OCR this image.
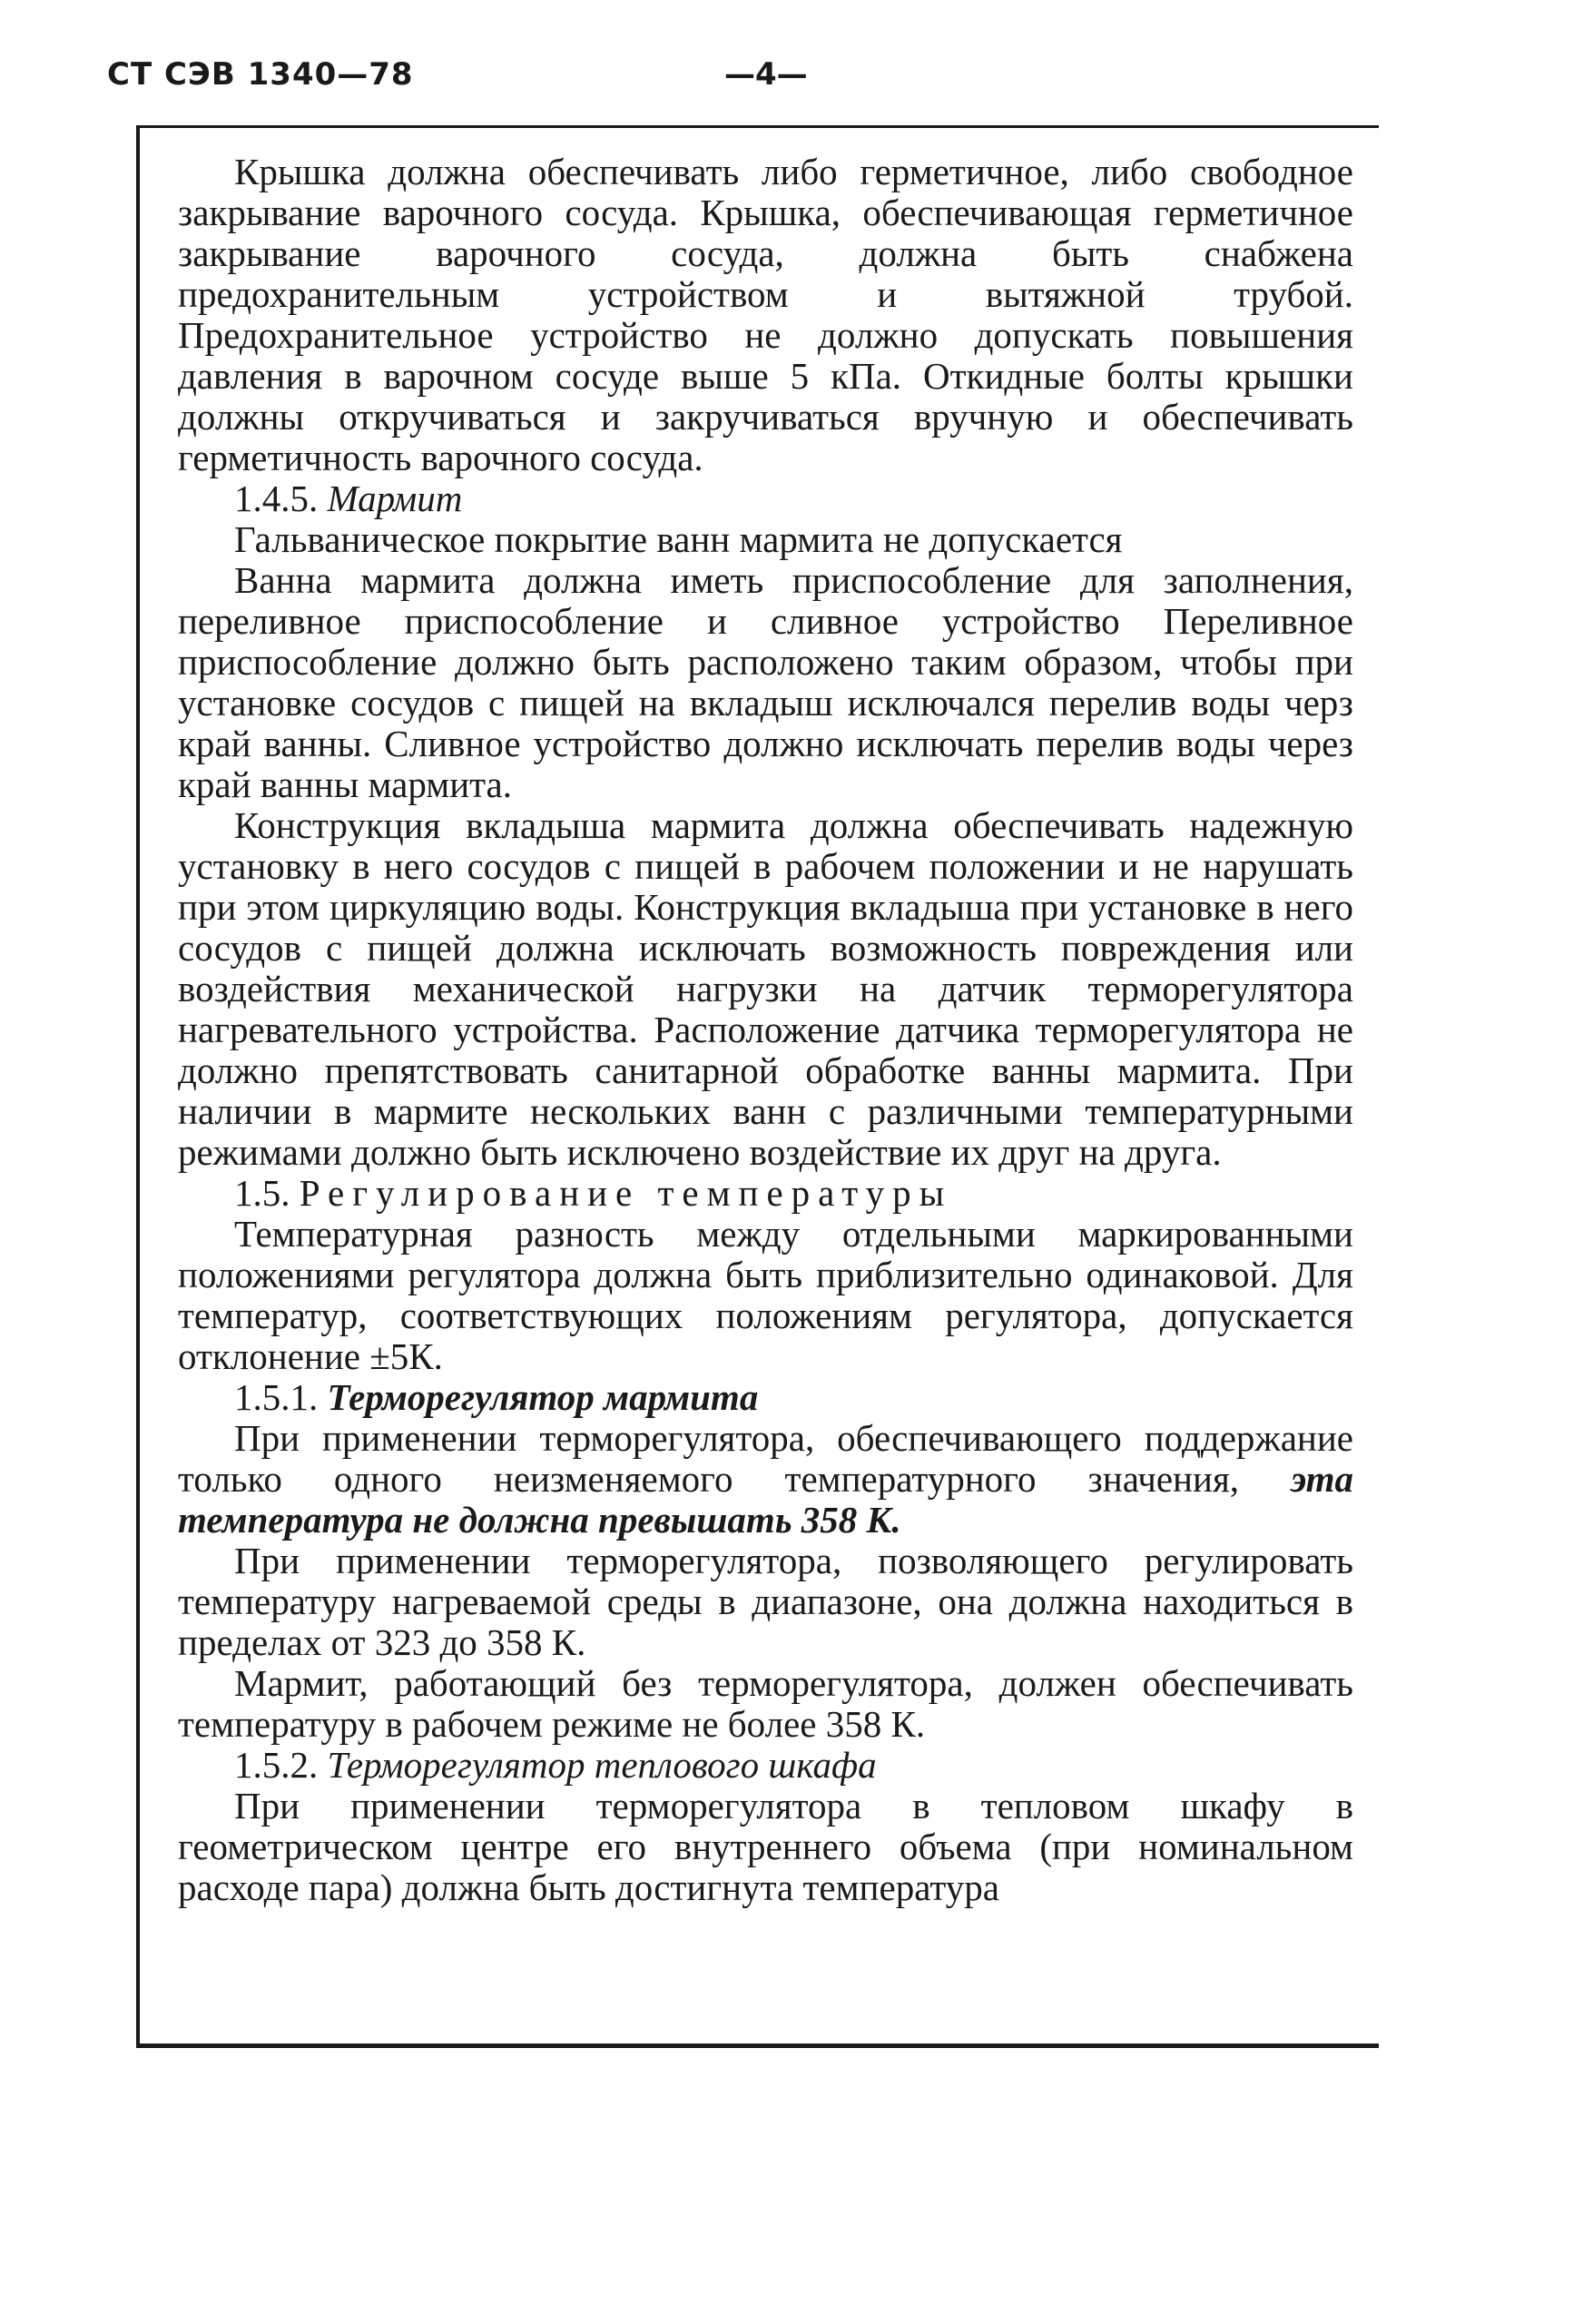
СТ СЭВ 1340—78	—4—

Крышка должна обеспечивать либо герметичное, либо свободное закрывание варочного сосуда. Крышка, обеспечивающая герметичное закрывание варочного сосуда, должна быть снабжена предохранительным устройством и вытяжной трубой. Предохранительное устройство не должно допускать повышения давления в варочном сосуде выше 5 кПа. Откидные болты крышки должны откручиваться и закручиваться вручную и обеспечивать герметичность варочного сосуда.

1.4.5. Мармит

Гальваническое покрытие ванн мармита не допускается

Ванна мармита должна иметь приспособление для заполнения, переливное приспособление и сливное устройство Переливное приспособление должно быть расположено таким образом, чтобы при установке сосудов с пищей на вкладыш исключался перелив воды черз край ванны. Сливное устройство должно исключать перелив воды через край ванны мармита.

Конструкция вкладыша мармита должна обеспечивать надежную установку в него сосудов с пищей в рабочем положении и не нарушать при этом циркуляцию воды. Конструкция вкладыша при установке в него сосудов с пищей должна исключать возможность повреждения или воздействия механической нагрузки на датчик терморегулятора нагревательного устройства. Расположение датчика терморегулятора не должно препятствовать санитарной обработке ванны мармита. При наличии в мармите нескольких ванн с различными температурными режимами должно быть исключено воздействие их друг на друга.

1.5. Регулирование температуры

Температурная разность между отдельными маркированными положениями регулятора должна быть приблизительно одинаковой. Для температур, соответствующих положениям регулятора, допускается отклонение ±5К.

1.5.1. Терморегулятор мармита

При применении терморегулятора, обеспечивающего поддержание только одного неизменяемого температурного значения, эта температура не должна превышать 358 К.

При применении терморегулятора, позволяющего регулировать температуру нагреваемой среды в диапазоне, она должна находиться в пределах от 323 до 358 К.

Мармит, работающий без терморегулятора, должен обеспечивать температуру в рабочем режиме не более 358 К.

1.5.2. Терморегулятор теплового шкафа

При применении терморегулятора в тепловом шкафу в геометрическом центре его внутреннего объема (при номинальном расходе пара) должна быть достигнута температура
